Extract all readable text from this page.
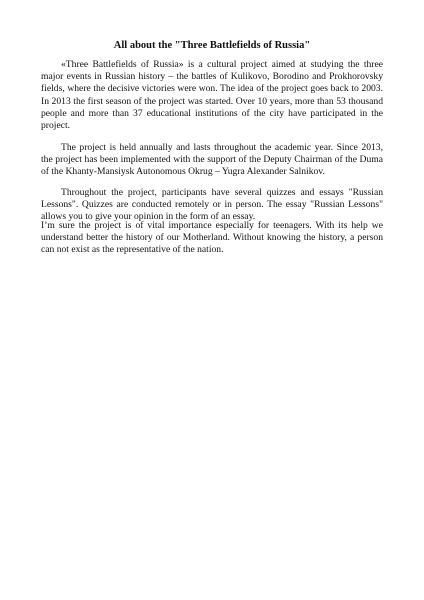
All about the "Three Battlefields of Russia"

«Three Battlefields of Russia» is a cultural project aimed at studying the three major events in Russian history – the battles of Kulikovo, Borodino and Prokhorovsky fields, where the decisive victories were won. The idea of the project goes back to 2003. In 2013 the first season of the project was started. Over 10 years, more than 53 thousand people and more than 37 educational institutions of the city have participated in the project.

The project is held annually and lasts throughout the academic year. Since 2013, the project has been implemented with the support of the Deputy Chairman of the Duma of the Khanty-Mansiysk Autonomous Okrug – Yugra Alexander Salnikov.

Throughout the project, participants have several quizzes and essays "Russian Lessons". Quizzes are conducted remotely or in person. The essay "Russian Lessons" allows you to give your opinion in the form of an essay.

I’m sure the project is of vital importance especially for teenagers. With its help we understand better the history of our Motherland. Without knowing the history, a person can not exist as the representative of the nation.
